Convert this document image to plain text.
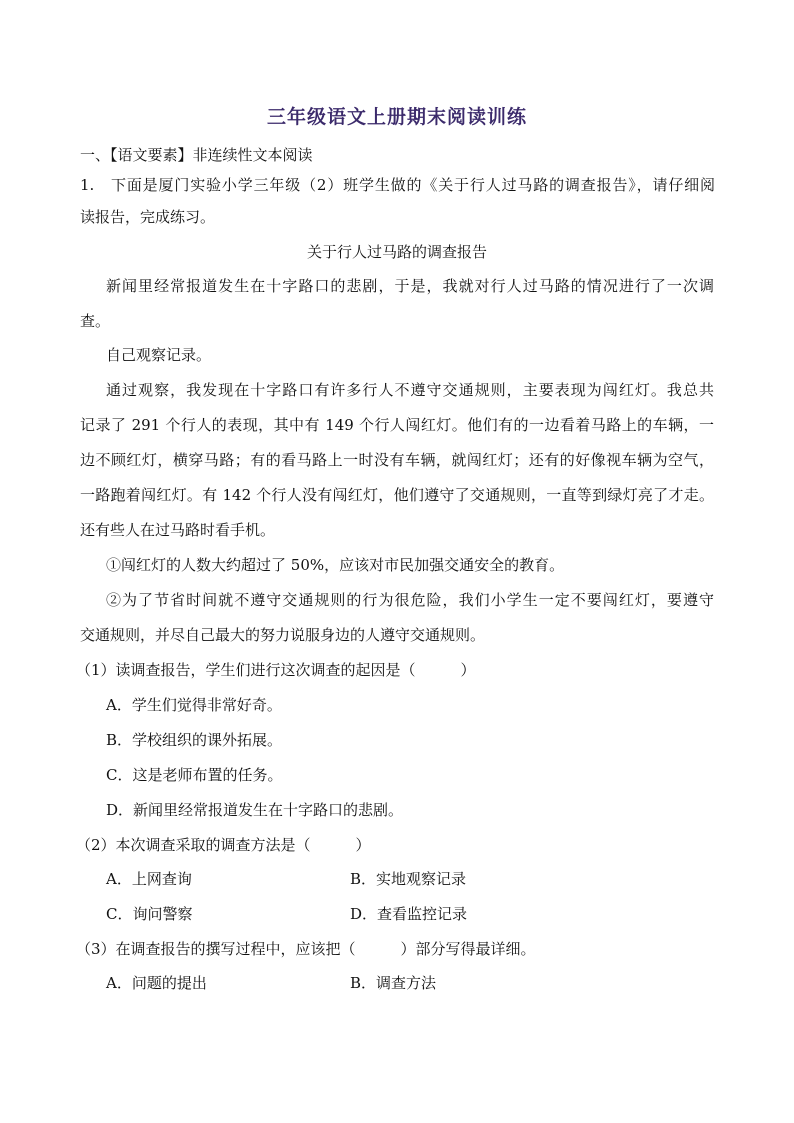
三年级语文上册期末阅读训练
一、【语文要素】非连续性文本阅读
1.　下面是厦门实验小学三年级（2）班学生做的《关于行人过马路的调查报告》，请仔细阅
读报告，完成练习。
关于行人过马路的调查报告
新闻里经常报道发生在十字路口的悲剧，于是，我就对行人过马路的情况进行了一次调
查。
自己观察记录。
通过观察，我发现在十字路口有许多行人不遵守交通规则，主要表现为闯红灯。我总共
记录了 291 个行人的表现，其中有 149 个行人闯红灯。他们有的一边看着马路上的车辆，一
边不顾红灯，横穿马路；有的看马路上一时没有车辆，就闯红灯；还有的好像视车辆为空气，
一路跑着闯红灯。有 142 个行人没有闯红灯，他们遵守了交通规则，一直等到绿灯亮了才走。
还有些人在过马路时看手机。
①闯红灯的人数大约超过了 50%，应该对市民加强交通安全的教育。
②为了节省时间就不遵守交通规则的行为很危险，我们小学生一定不要闯红灯，要遵守
交通规则，并尽自己最大的努力说服身边的人遵守交通规则。
（1）读调查报告，学生们进行这次调查的起因是（　　　）
A．学生们觉得非常好奇。
B．学校组织的课外拓展。
C．这是老师布置的任务。
D．新闻里经常报道发生在十字路口的悲剧。
（2）本次调查采取的调查方法是（　　　）
A．上网查询	B．实地观察记录
C．询问警察	D．查看监控记录
（3）在调查报告的撰写过程中，应该把（　　　）部分写得最详细。
A．问题的提出	B．调查方法
